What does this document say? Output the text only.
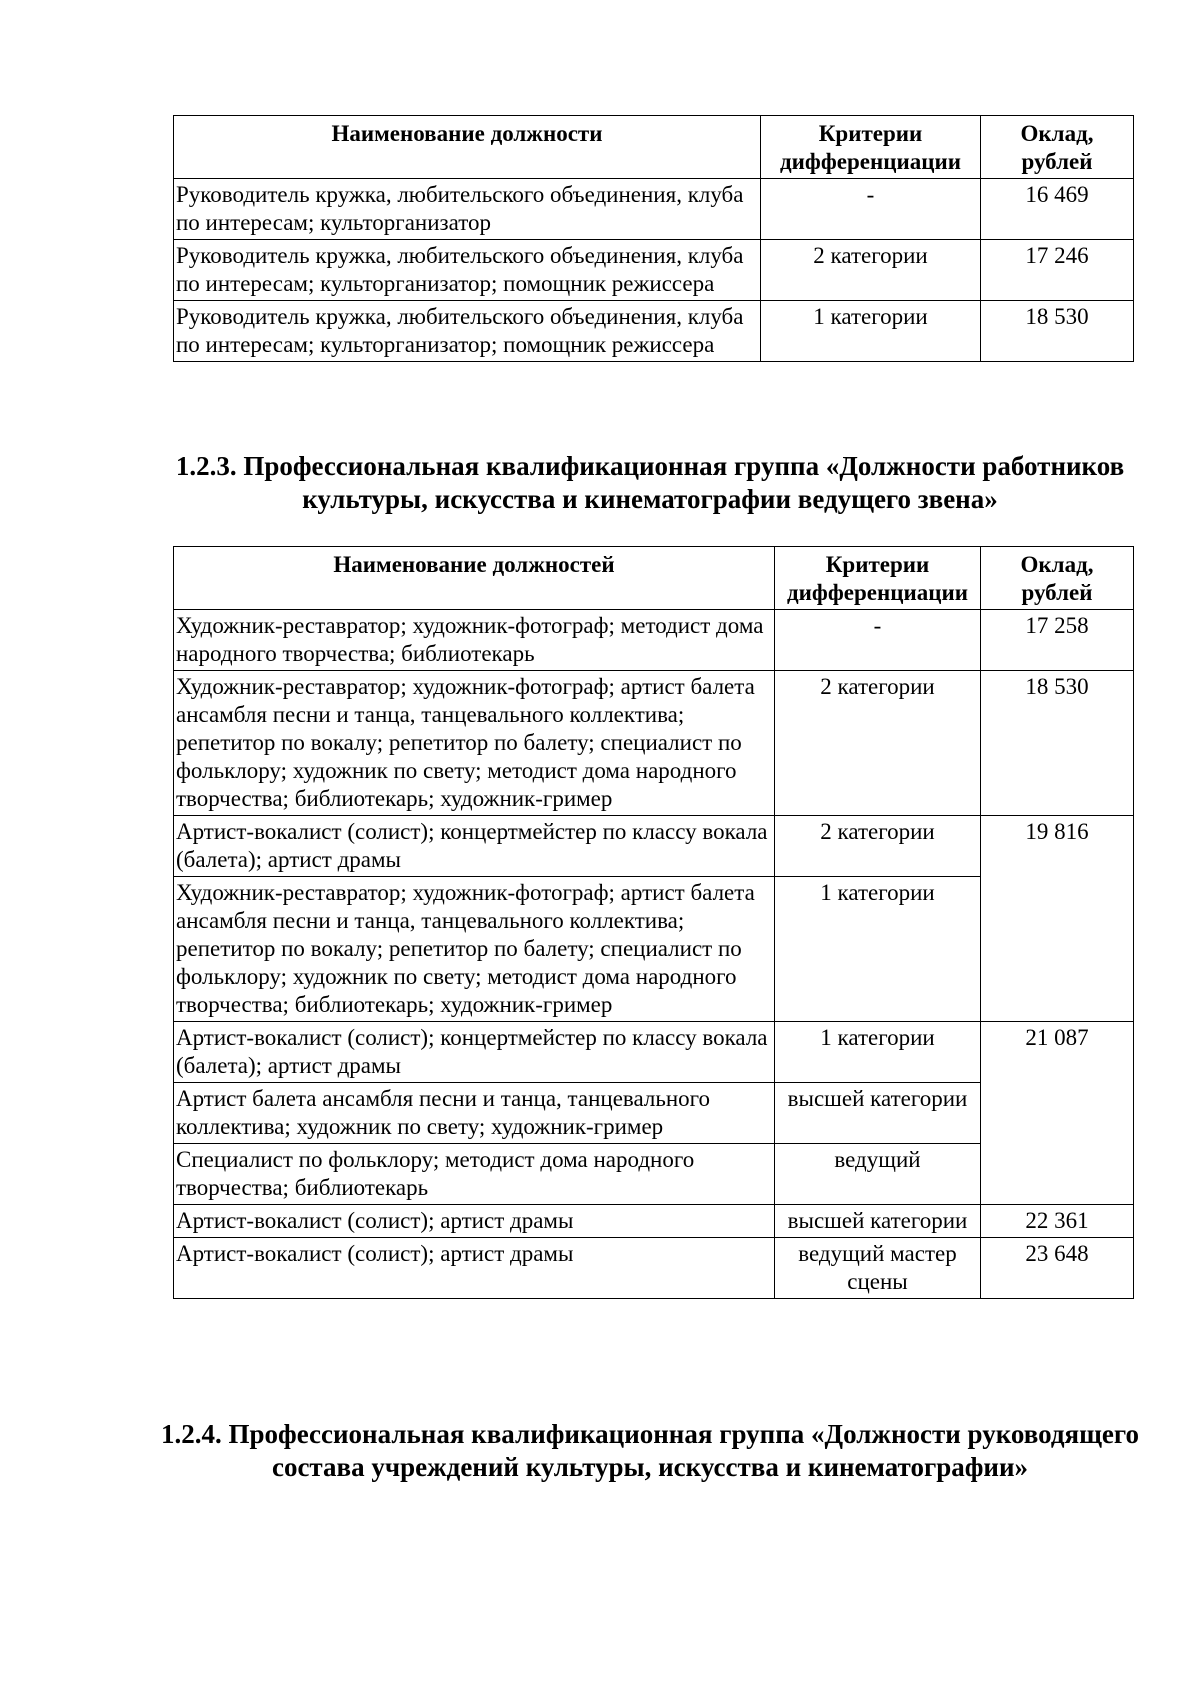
Наименование должности	Критерии дифференциации	Оклад, рублей
Руководитель кружка, любительского объединения, клуба по интересам; культорганизатор	-	16 469
Руководитель кружка, любительского объединения, клуба по интересам; культорганизатор; помощник режиссера	2 категории	17 246
Руководитель кружка, любительского объединения, клуба по интересам; культорганизатор; помощник режиссера	1 категории	18 530
1.2.3. Профессиональная квалификационная группа «Должности работников культуры, искусства и кинематографии ведущего звена»
Наименование должностей	Критерии дифференциации	Оклад, рублей
Художник-реставратор; художник-фотограф; методист дома народного творчества; библиотекарь	-	17 258
Художник-реставратор; художник-фотограф; артист балета ансамбля песни и танца, танцевального коллектива; репетитор по вокалу; репетитор по балету; специалист по фольклору; художник по свету; методист дома народного творчества; библиотекарь; художник-гример	2 категории	18 530
Артист-вокалист (солист); концертмейстер по классу вокала (балета); артист драмы	2 категории	19 816
Художник-реставратор; художник-фотограф; артист балета ансамбля песни и танца, танцевального коллектива; репетитор по вокалу; репетитор по балету; специалист по фольклору; художник по свету; методист дома народного творчества; библиотекарь; художник-гример	1 категории	
Артист-вокалист (солист); концертмейстер по классу вокала (балета); артист драмы	1 категории	21 087
Артист балета ансамбля песни и танца, танцевального коллектива; художник по свету; художник-гример	высшей категории	
Специалист по фольклору; методист дома народного творчества; библиотекарь	ведущий	
Артист-вокалист (солист); артист драмы	высшей категории	22 361
Артист-вокалист (солист); артист драмы	ведущий мастер сцены	23 648
1.2.4. Профессиональная квалификационная группа «Должности руководящего состава учреждений культуры, искусства и кинематографии»
